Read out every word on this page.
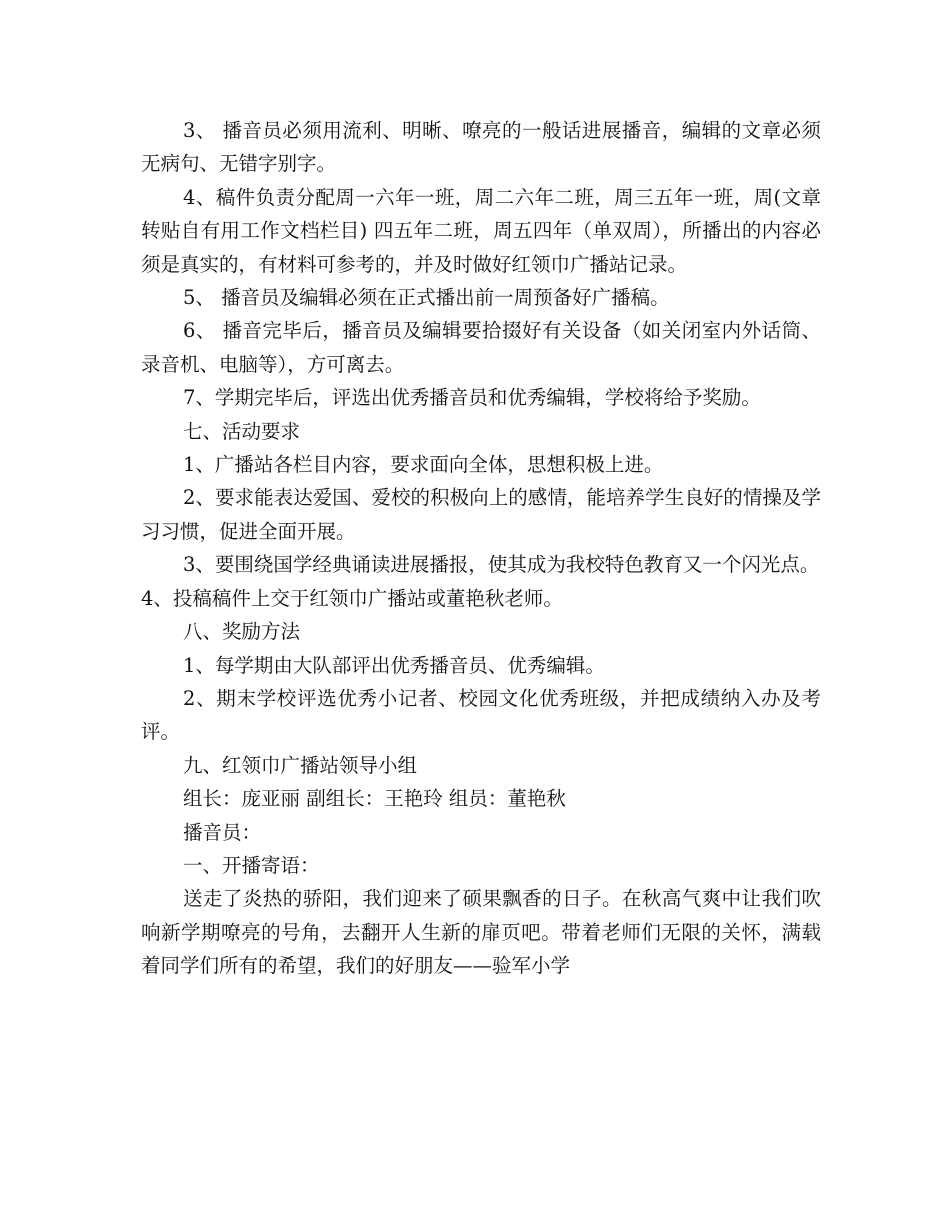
3、 播音员必须用流利、明晰、嘹亮的一般话进展播音，编辑的文章必须无病句、无错字别字。

4、稿件负责分配周一六年一班，周二六年二班，周三五年一班，周(文章转贴自有用工作文档栏目) 四五年二班，周五四年（单双周），所播出的内容必须是真实的，有材料可参考的，并及时做好红领巾广播站记录。

5、 播音员及编辑必须在正式播出前一周预备好广播稿。

6、 播音完毕后，播音员及编辑要拾掇好有关设备（如关闭室内外话筒、录音机、电脑等），方可离去。

7、学期完毕后，评选出优秀播音员和优秀编辑，学校将给予奖励。

七、活动要求

1、广播站各栏目内容，要求面向全体，思想积极上进。

2、要求能表达爱国、爱校的积极向上的感情，能培养学生良好的情操及学习习惯，促进全面开展。

3、要围绕国学经典诵读进展播报，使其成为我校特色教育又一个闪光点。

4、投稿稿件上交于红领巾广播站或董艳秋老师。

八、奖励方法

1、每学期由大队部评出优秀播音员、优秀编辑。

2、期末学校评选优秀小记者、校园文化优秀班级，并把成绩纳入办及考评。

九、红领巾广播站领导小组

组长：庞亚丽 副组长：王艳玲 组员：董艳秋

播音员：

一、开播寄语：

送走了炎热的骄阳，我们迎来了硕果飘香的日子。在秋高气爽中让我们吹响新学期嘹亮的号角，去翻开人生新的扉页吧。带着老师们无限的关怀，满载着同学们所有的希望，我们的好朋友——验军小学
